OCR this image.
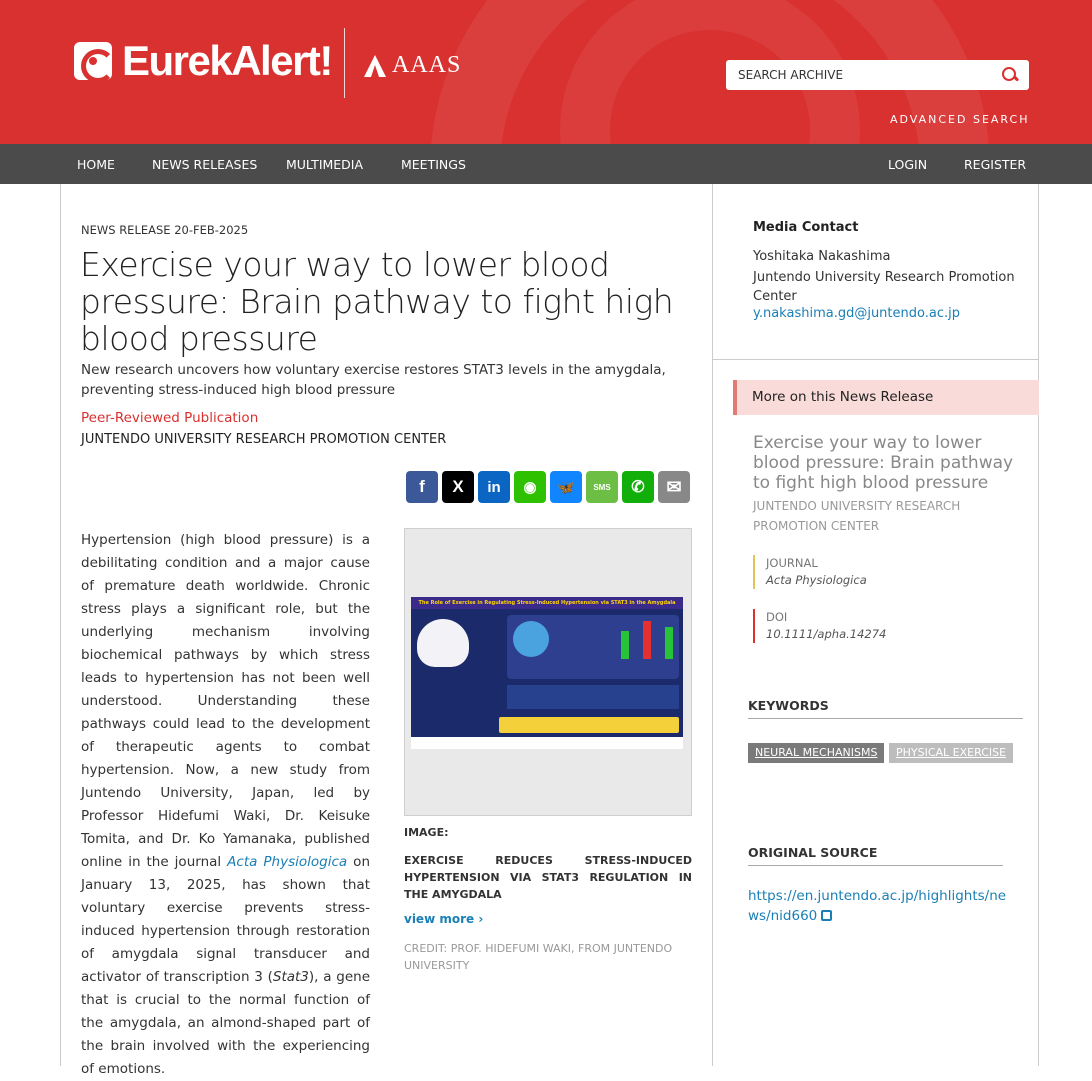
EurekAlert!	AAAS
SEARCH ARCHIVE
ADVANCED SEARCH
HOME	NEWS RELEASES MULTIMEDIA	MEETINGS	LOGIN	REGISTER
NEWS RELEASE 20-FEB-2025
Exercise your way to lower blood pressure: Brain pathway to fight high blood pressure
New research uncovers how voluntary exercise restores STAT3 levels in the amygdala, preventing stress-induced high blood pressure
Peer-Reviewed Publication
JUNTENDO UNIVERSITY RESEARCH PROMOTION CENTER
f X in ◉ 🦋 SMS ✆ ✉
Hypertension (high blood pressure) is a debilitating condition and a major cause of premature death worldwide. Chronic stress plays a significant role, but the underlying mechanism involving biochemical pathways by which stress leads to hypertension has not been well understood. Understanding these pathways could lead to the development of therapeutic agents to combat hypertension. Now, a new study from Juntendo University, Japan, led by Professor Hidefumi Waki, Dr. Keisuke Tomita, and Dr. Ko Yamanaka, published online in the journal Acta Physiologica on January 13, 2025, has shown that voluntary exercise prevents stress-induced hypertension through restoration of amygdala signal transducer and activator of transcription 3 (Stat3), a gene that is crucial to the normal function of the amygdala, an almond-shaped part of the brain involved with the experiencing of emotions.
The Role of Exercise in Regulating Stress-Induced Hypertension via STAT3 in the Amygdala
IMAGE:
EXERCISE REDUCES STRESS-INDUCED HYPERTENSION VIA STAT3 REGULATION IN THE AMYGDALA
view more ›
CREDIT: PROF. HIDEFUMI WAKI, FROM JUNTENDO UNIVERSITY
Media Contact
Yoshitaka Nakashima
Juntendo University Research Promotion Center
y.nakashima.gd@juntendo.ac.jp
More on this News Release
Exercise your way to lower blood pressure: Brain pathway to fight high blood pressure
JUNTENDO UNIVERSITY RESEARCH PROMOTION CENTER
JOURNAL
Acta Physiologica
DOI
10.1111/apha.14274
KEYWORDS
NEURAL MECHANISMS	PHYSICAL EXERCISE
ORIGINAL SOURCE
https://en.juntendo.ac.jp/highlights/news/nid660
